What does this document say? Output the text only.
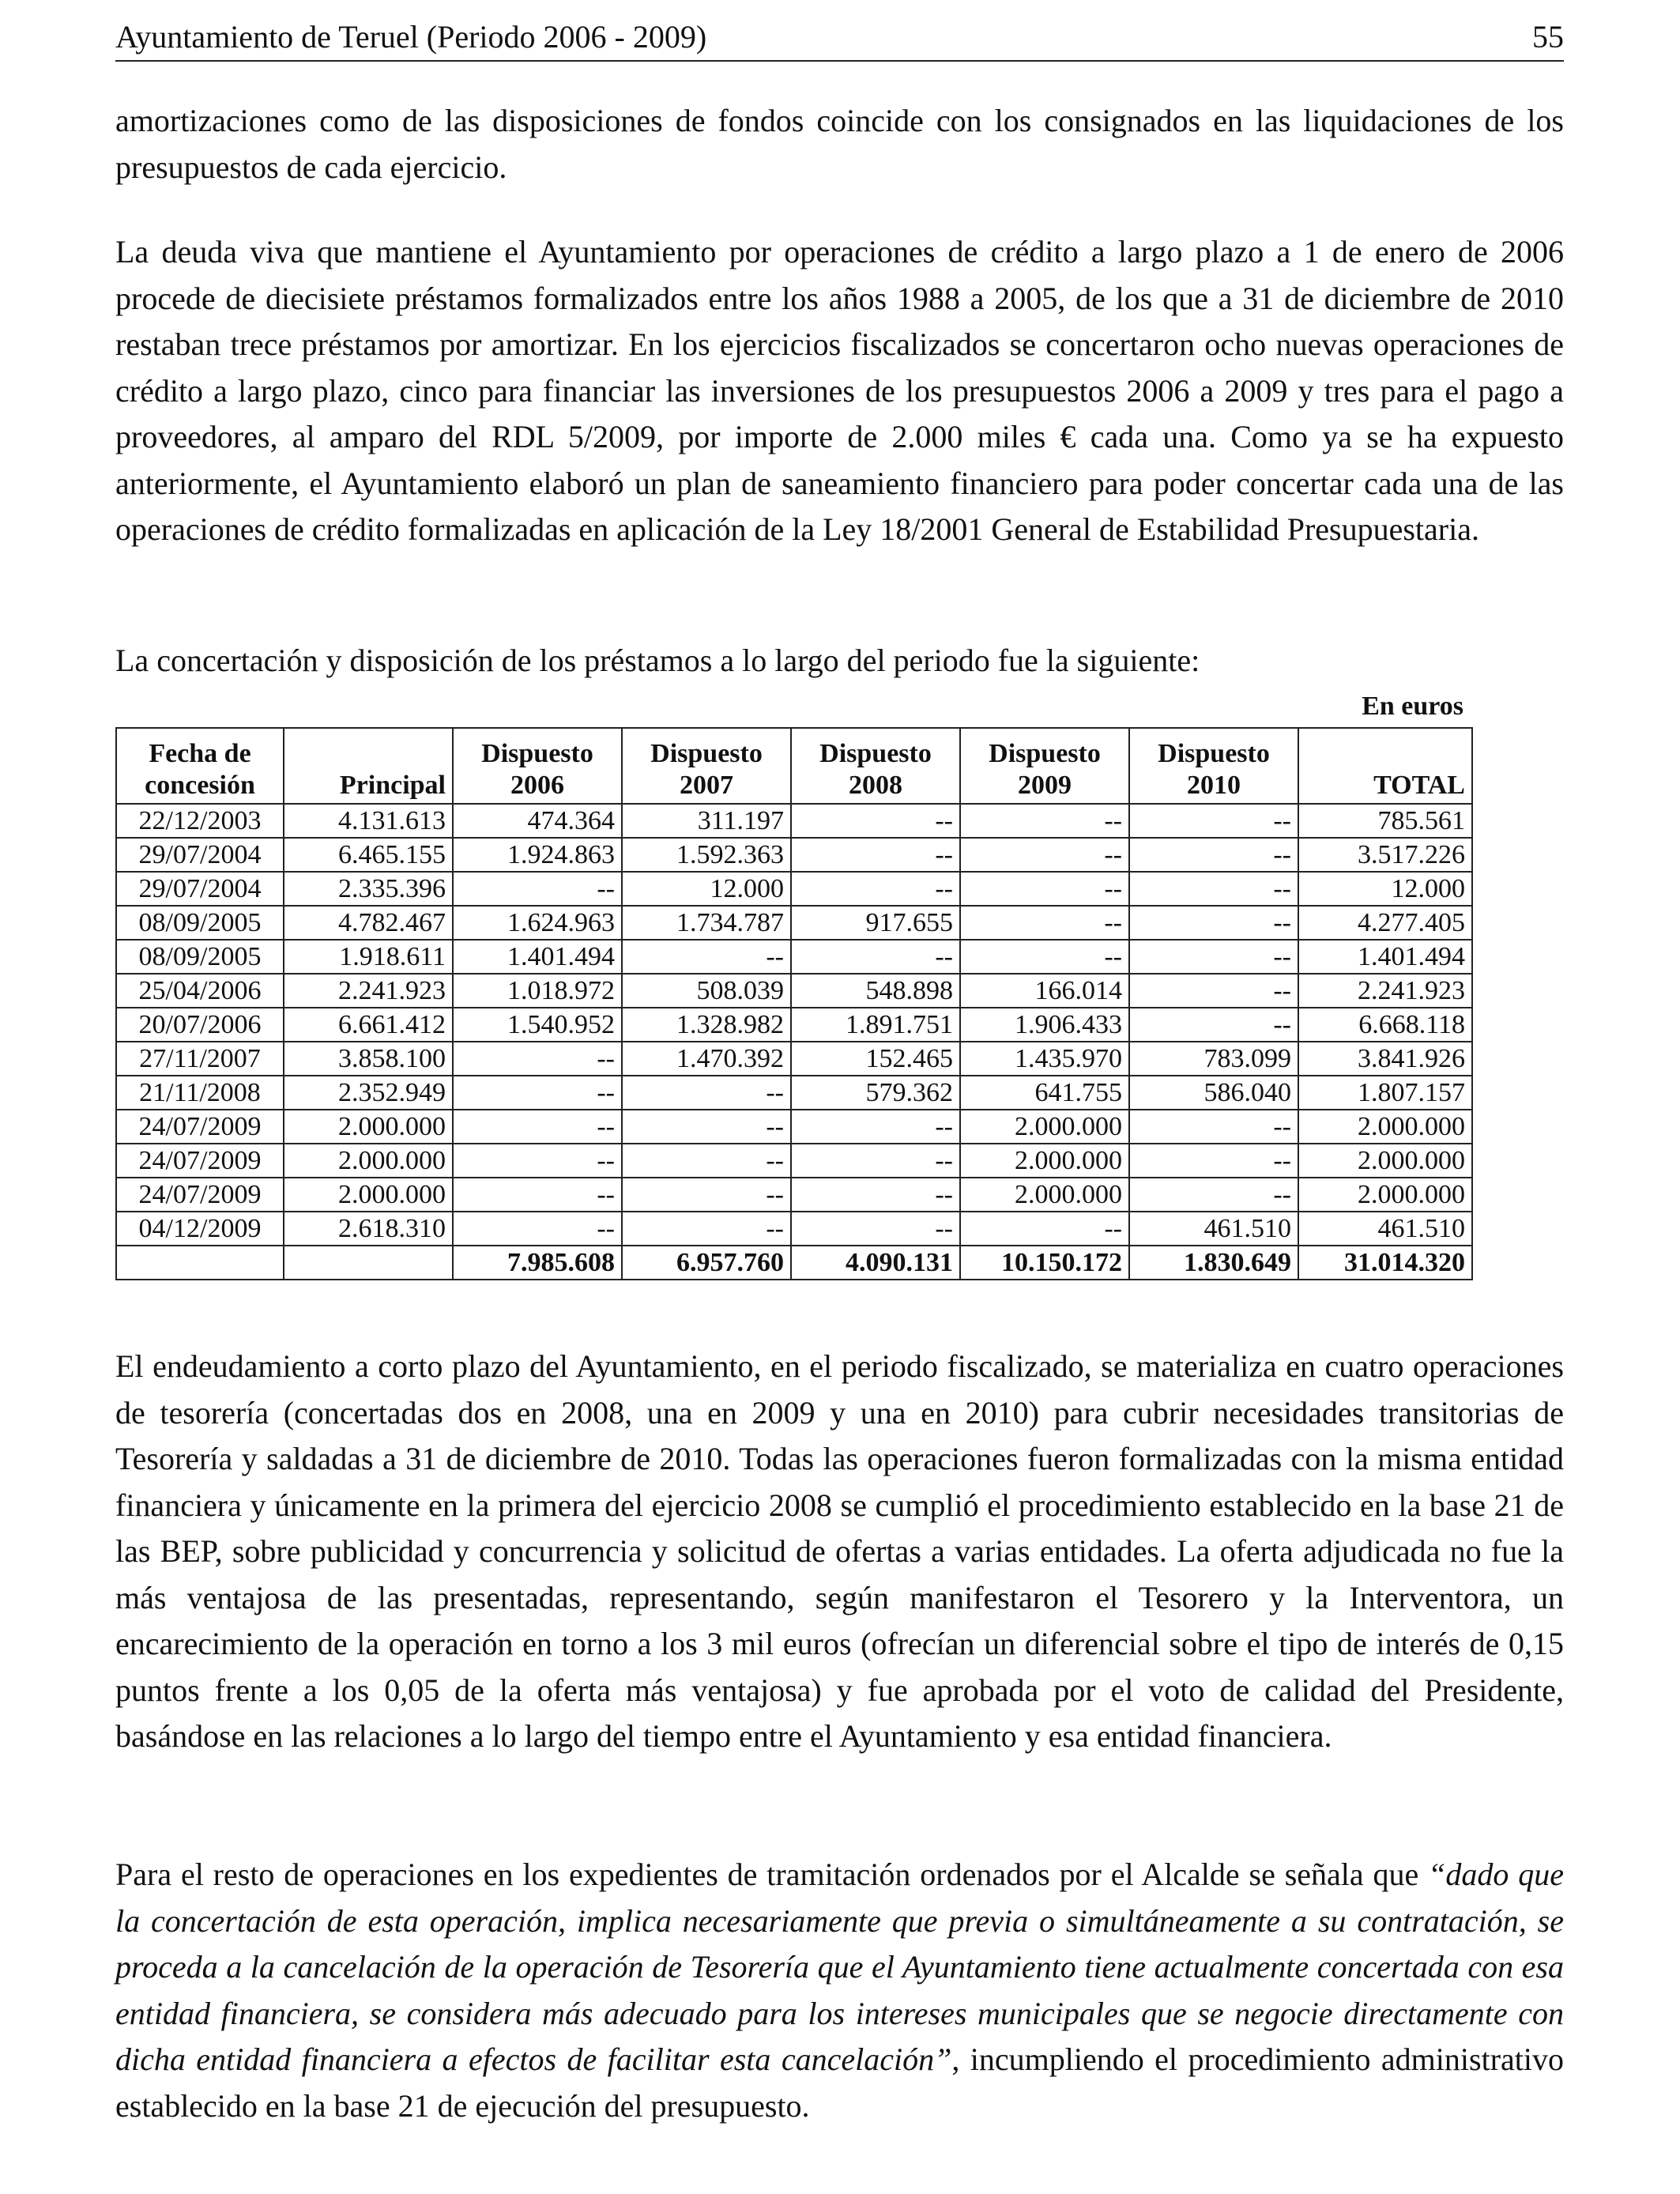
Ayuntamiento de Teruel (Periodo 2006 - 2009)	55

amortizaciones como de las disposiciones de fondos coincide con los consignados en las liquidaciones de los presupuestos de cada ejercicio.

La deuda viva que mantiene el Ayuntamiento por operaciones de crédito a largo plazo a 1 de enero de 2006 procede de diecisiete préstamos formalizados entre los años 1988 a 2005, de los que a 31 de diciembre de 2010 restaban trece préstamos por amortizar. En los ejercicios fiscalizados se concertaron ocho nuevas operaciones de crédito a largo plazo, cinco para financiar las inversiones de los presupuestos 2006 a 2009 y tres para el pago a proveedores, al amparo del RDL 5/2009, por importe de 2.000 miles € cada una. Como ya se ha expuesto anteriormente, el Ayuntamiento elaboró un plan de saneamiento financiero para poder concertar cada una de las operaciones de crédito formalizadas en aplicación de la Ley 18/2001 General de Estabilidad Presupuestaria.

La concertación y disposición de los préstamos a lo largo del periodo fue la siguiente:

En euros
Fecha de concesión	Principal	Dispuesto 2006	Dispuesto 2007	Dispuesto 2008	Dispuesto 2009	Dispuesto 2010	TOTAL
22/12/2003	4.131.613	474.364	311.197	--	--	--	785.561
29/07/2004	6.465.155	1.924.863	1.592.363	--	--	--	3.517.226
29/07/2004	2.335.396	--	12.000	--	--	--	12.000
08/09/2005	4.782.467	1.624.963	1.734.787	917.655	--	--	4.277.405
08/09/2005	1.918.611	1.401.494	--	--	--	--	1.401.494
25/04/2006	2.241.923	1.018.972	508.039	548.898	166.014	--	2.241.923
20/07/2006	6.661.412	1.540.952	1.328.982	1.891.751	1.906.433	--	6.668.118
27/11/2007	3.858.100	--	1.470.392	152.465	1.435.970	783.099	3.841.926
21/11/2008	2.352.949	--	--	579.362	641.755	586.040	1.807.157
24/07/2009	2.000.000	--	--	--	2.000.000	--	2.000.000
24/07/2009	2.000.000	--	--	--	2.000.000	--	2.000.000
24/07/2009	2.000.000	--	--	--	2.000.000	--	2.000.000
04/12/2009	2.618.310	--	--	--	--	461.510	461.510
		7.985.608	6.957.760	4.090.131	10.150.172	1.830.649	31.014.320

El endeudamiento a corto plazo del Ayuntamiento, en el periodo fiscalizado, se materializa en cuatro operaciones de tesorería (concertadas dos en 2008, una en 2009 y una en 2010) para cubrir necesidades transitorias de Tesorería y saldadas a 31 de diciembre de 2010. Todas las operaciones fueron formalizadas con la misma entidad financiera y únicamente en la primera del ejercicio 2008 se cumplió el procedimiento establecido en la base 21 de las BEP, sobre publicidad y concurrencia y solicitud de ofertas a varias entidades. La oferta adjudicada no fue la más ventajosa de las presentadas, representando, según manifestaron el Tesorero y la Interventora, un encarecimiento de la operación en torno a los 3 mil euros (ofrecían un diferencial sobre el tipo de interés de 0,15 puntos frente a los 0,05 de la oferta más ventajosa) y fue aprobada por el voto de calidad del Presidente, basándose en las relaciones a lo largo del tiempo entre el Ayuntamiento y esa entidad financiera.

Para el resto de operaciones en los expedientes de tramitación ordenados por el Alcalde se señala que “dado que la concertación de esta operación, implica necesariamente que previa o simultáneamente a su contratación, se proceda a la cancelación de la operación de Tesorería que el Ayuntamiento tiene actualmente concertada con esa entidad financiera, se considera más adecuado para los intereses municipales que se negocie directamente con dicha entidad financiera a efectos de facilitar esta cancelación”, incumpliendo el procedimiento administrativo establecido en la base 21 de ejecución del presupuesto.
